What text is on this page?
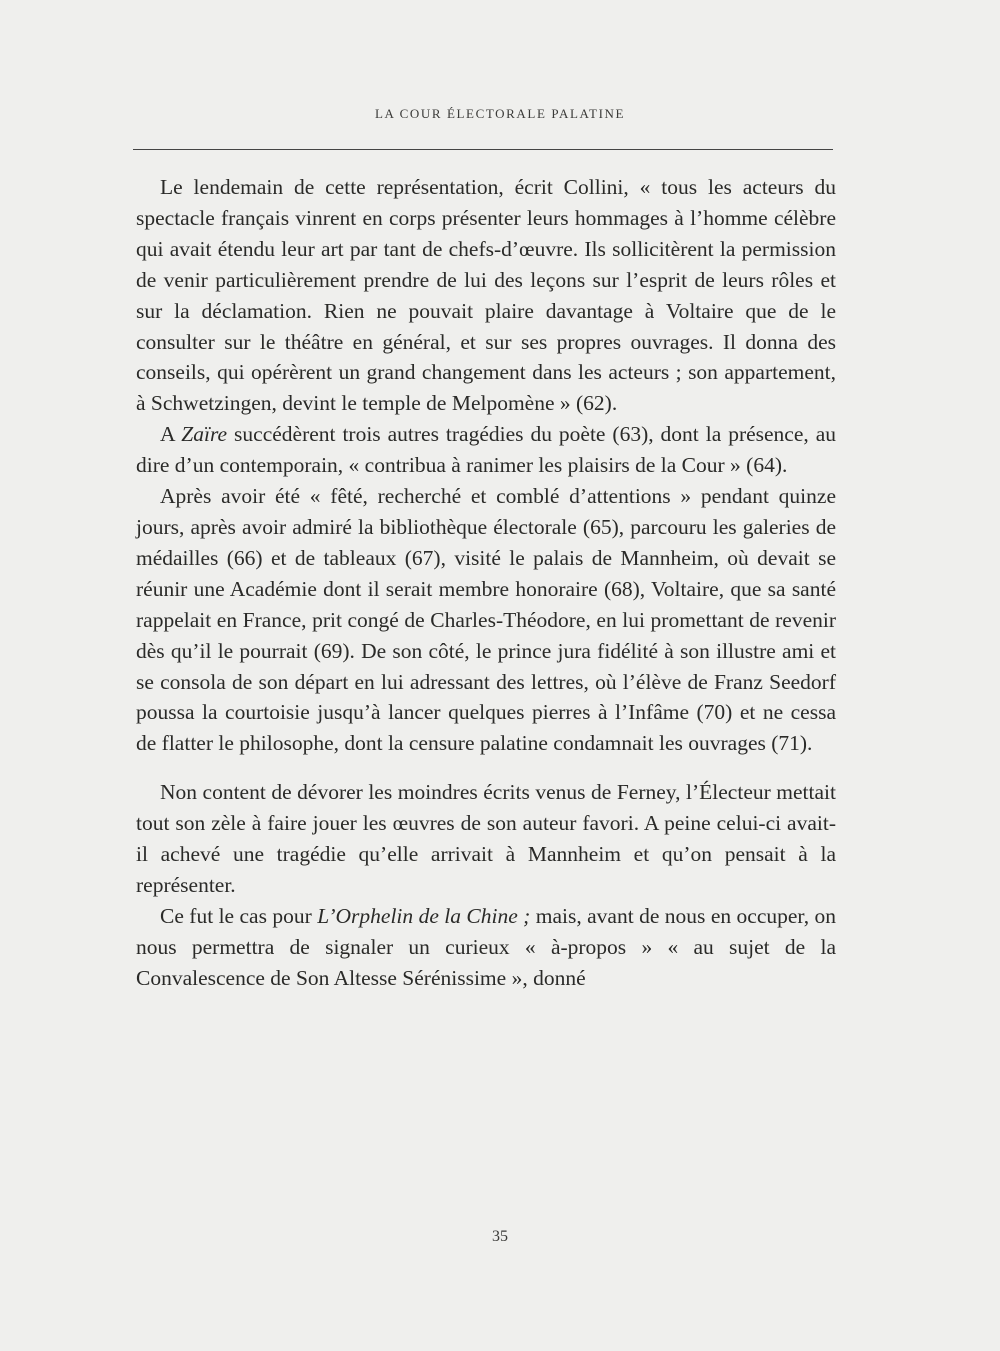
LA COUR ÉLECTORALE PALATINE

Le lendemain de cette représentation, écrit Collini, « tous les acteurs du spectacle français vinrent en corps présenter leurs hommages à l’homme célèbre qui avait étendu leur art par tant de chefs-d’œuvre. Ils sollicitèrent la permission de venir particulièrement prendre de lui des leçons sur l’esprit de leurs rôles et sur la déclamation. Rien ne pouvait plaire davantage à Voltaire que de le consulter sur le théâtre en général, et sur ses propres ouvrages. Il donna des conseils, qui opérèrent un grand changement dans les acteurs ; son appartement, à Schwetzingen, devint le temple de Melpomène » (62).

A Zaïre succédèrent trois autres tragédies du poète (63), dont la présence, au dire d’un contemporain, « contribua à ranimer les plaisirs de la Cour » (64).

Après avoir été « fêté, recherché et comblé d’attentions » pendant quinze jours, après avoir admiré la bibliothèque électorale (65), parcouru les galeries de médailles (66) et de tableaux (67), visité le palais de Mannheim, où devait se réunir une Académie dont il serait membre honoraire (68), Voltaire, que sa santé rappelait en France, prit congé de Charles-Théodore, en lui promettant de revenir dès qu’il le pourrait (69). De son côté, le prince jura fidélité à son illustre ami et se consola de son départ en lui adressant des lettres, où l’élève de Franz Seedorf poussa la courtoisie jusqu’à lancer quelques pierres à l’Infâme (70) et ne cessa de flatter le philosophe, dont la censure palatine condamnait les ouvrages (71).

Non content de dévorer les moindres écrits venus de Ferney, l’Électeur mettait tout son zèle à faire jouer les œuvres de son auteur favori. A peine celui-ci avait-il achevé une tragédie qu’elle arrivait à Mannheim et qu’on pensait à la représenter.

Ce fut le cas pour L’Orphelin de la Chine ; mais, avant de nous en occuper, on nous permettra de signaler un curieux « à-propos » « au sujet de la Convalescence de Son Altesse Sérénissime », donné

35
